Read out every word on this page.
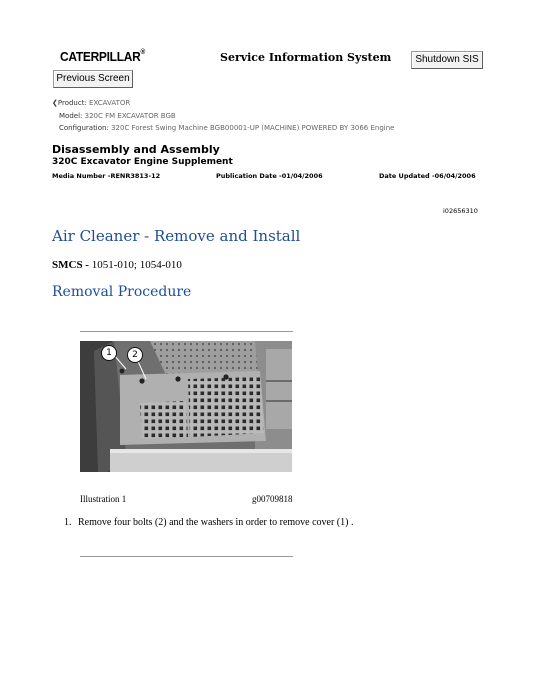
CATERPILLAR®	Service Information System	Shutdown SIS
Previous Screen
❮Product: EXCAVATOR
Model: 320C FM EXCAVATOR BGB
Configuration: 320C Forest Swing Machine BGB00001-UP (MACHINE) POWERED BY 3066 Engine
Disassembly and Assembly
320C Excavator Engine Supplement
Media Number -RENR3813-12	Publication Date -01/04/2006	Date Updated -06/04/2006
i02656310
Air Cleaner - Remove and Install
SMCS - 1051-010; 1054-010
Removal Procedure
1	2
Illustration 1	g00709818
1. Remove four bolts (2) and the washers in order to remove cover (1) .
